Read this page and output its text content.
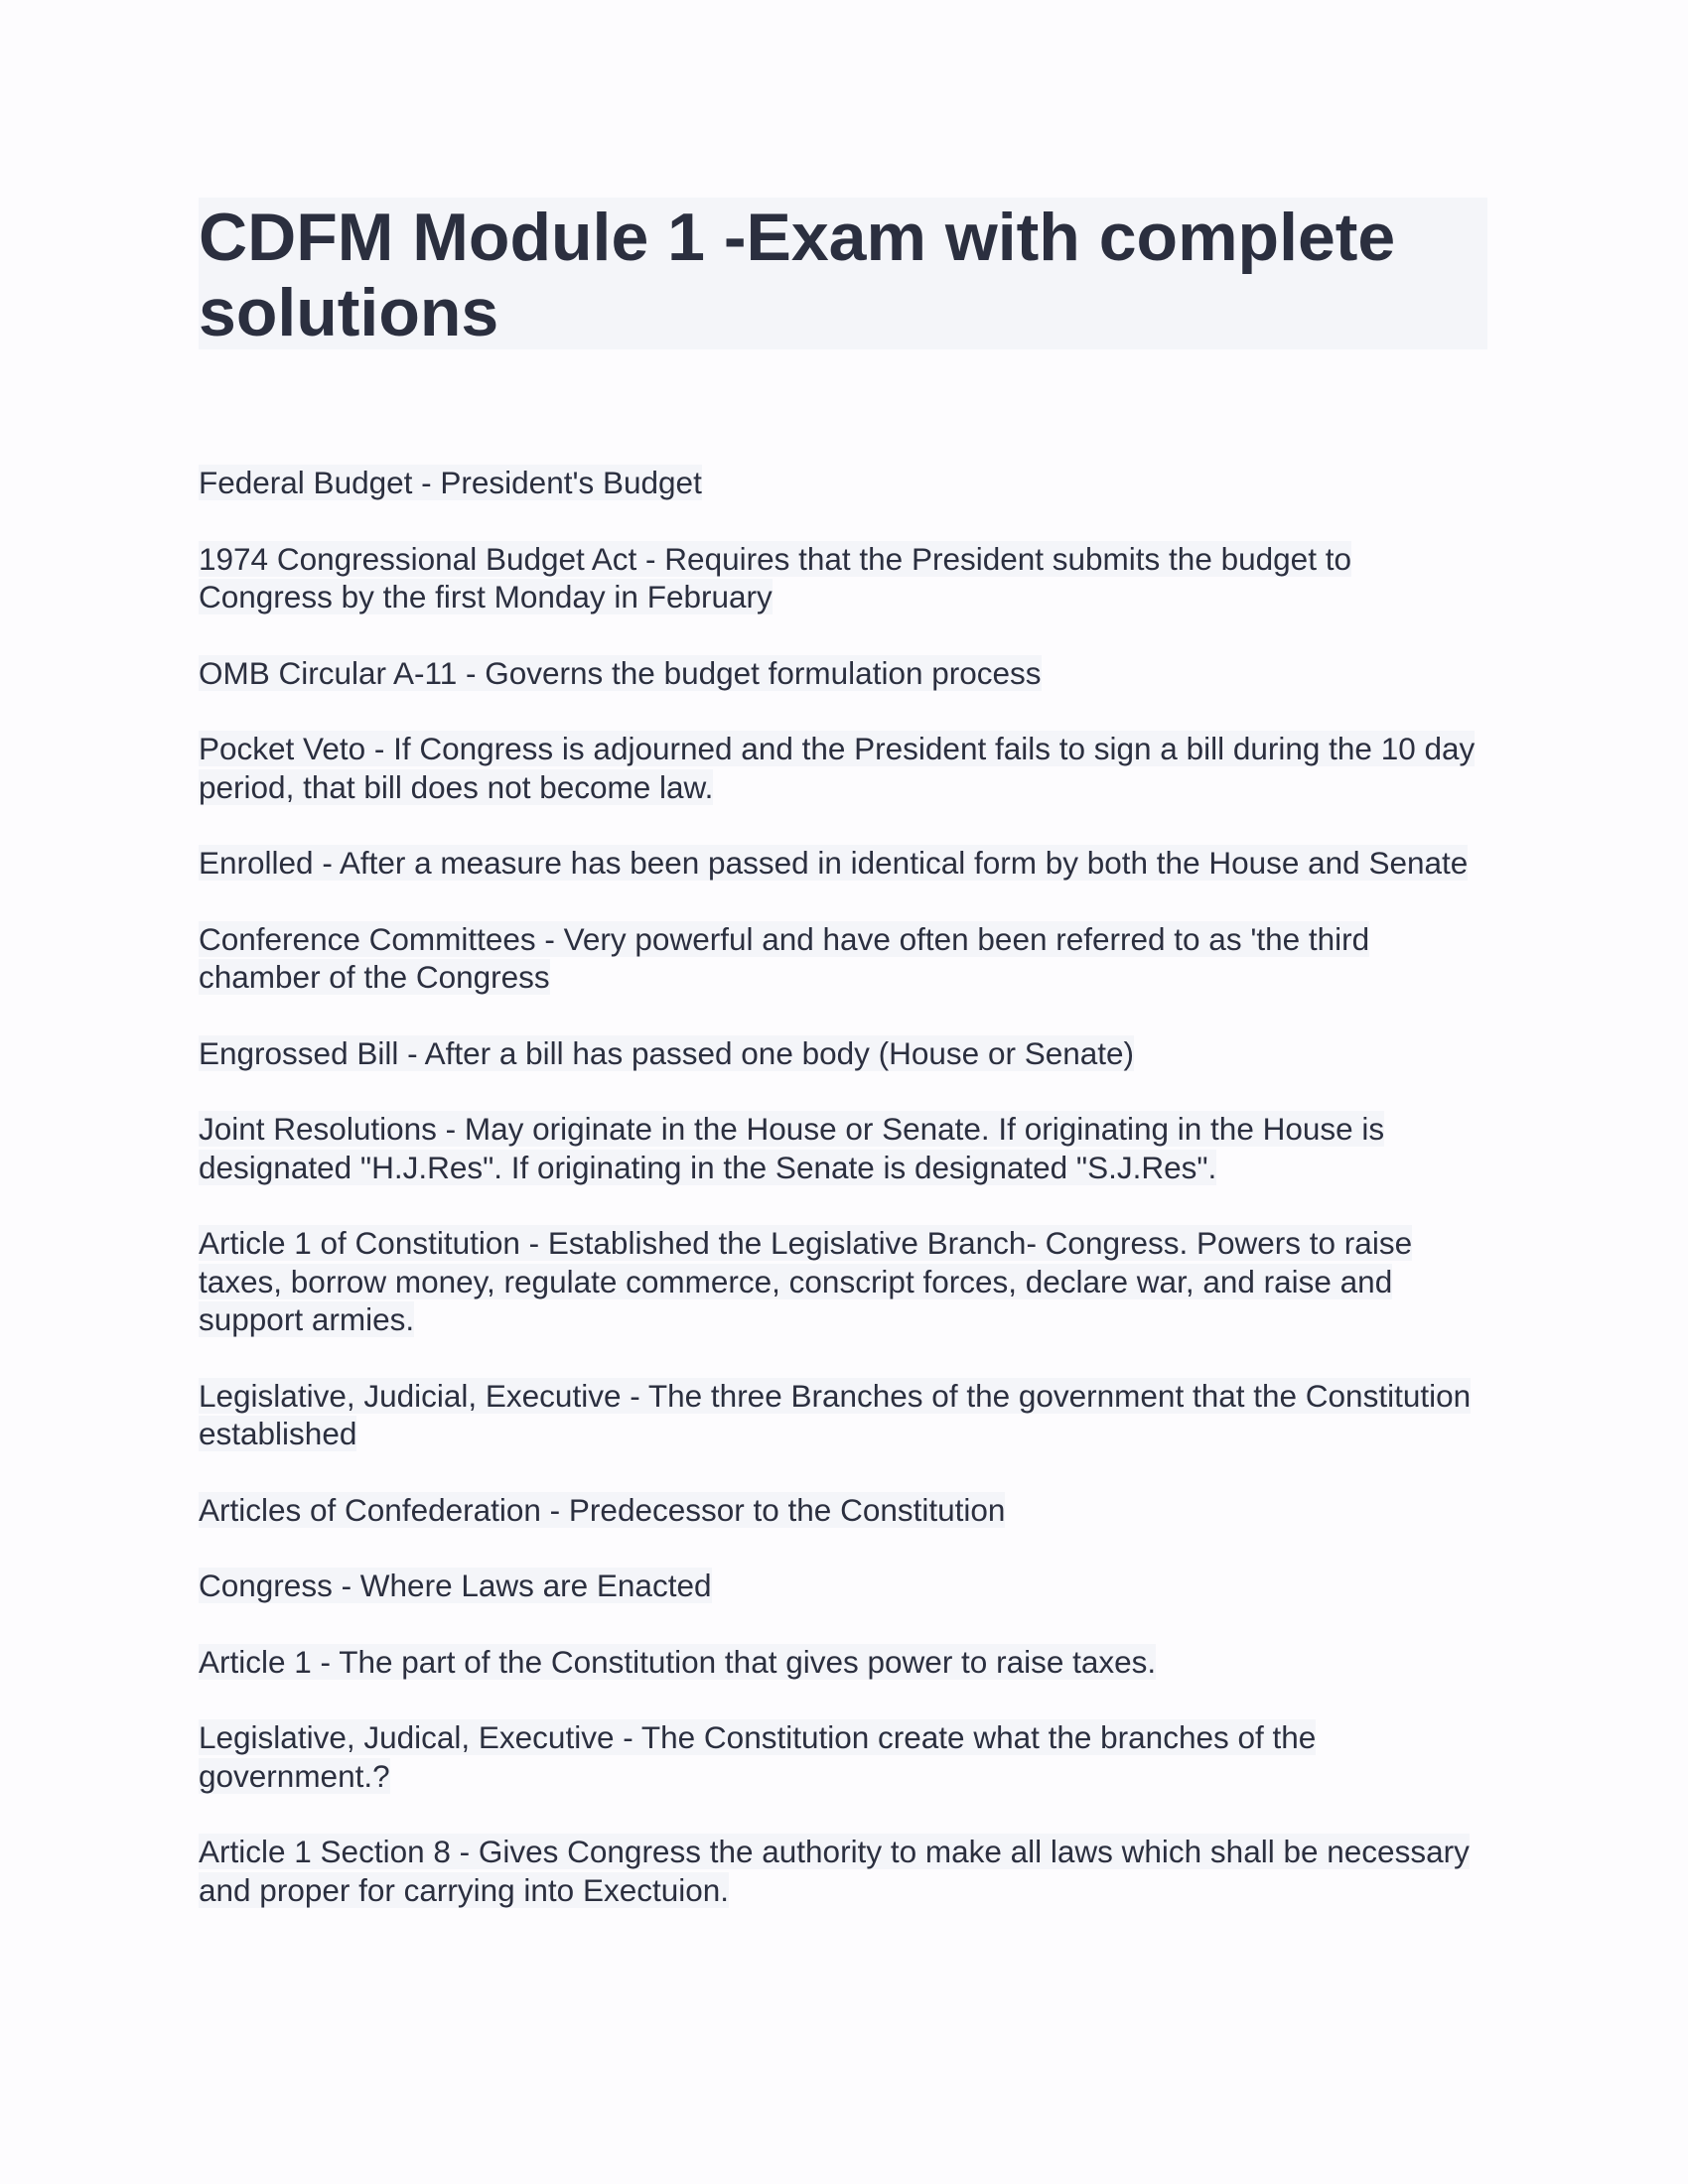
CDFM Module 1 -Exam with complete solutions
Federal Budget - President's Budget
1974 Congressional Budget Act - Requires that the President submits the budget to Congress by the first Monday in February
OMB Circular A-11 - Governs the budget formulation process
Pocket Veto - If Congress is adjourned and the President fails to sign a bill during the 10 day period, that bill does not become law.
Enrolled - After a measure has been passed in identical form by both the House and Senate
Conference Committees - Very powerful and have often been referred to as 'the third chamber of the Congress
Engrossed Bill - After a bill has passed one body (House or Senate)
Joint Resolutions - May originate in the House or Senate. If originating in the House is designated "H.J.Res". If originating in the Senate is designated "S.J.Res".
Article 1 of Constitution - Established the Legislative Branch- Congress. Powers to raise taxes, borrow money, regulate commerce, conscript forces, declare war, and raise and support armies.
Legislative, Judicial, Executive - The three Branches of the government that the Constitution established
Articles of Confederation - Predecessor to the Constitution
Congress - Where Laws are Enacted
Article 1 - The part of the Constitution that gives power to raise taxes.
Legislative, Judical, Executive - The Constitution create what the branches of the government.?
Article 1 Section 8 - Gives Congress the authority to make all laws which shall be necessary and proper for carrying into Exectuion.
